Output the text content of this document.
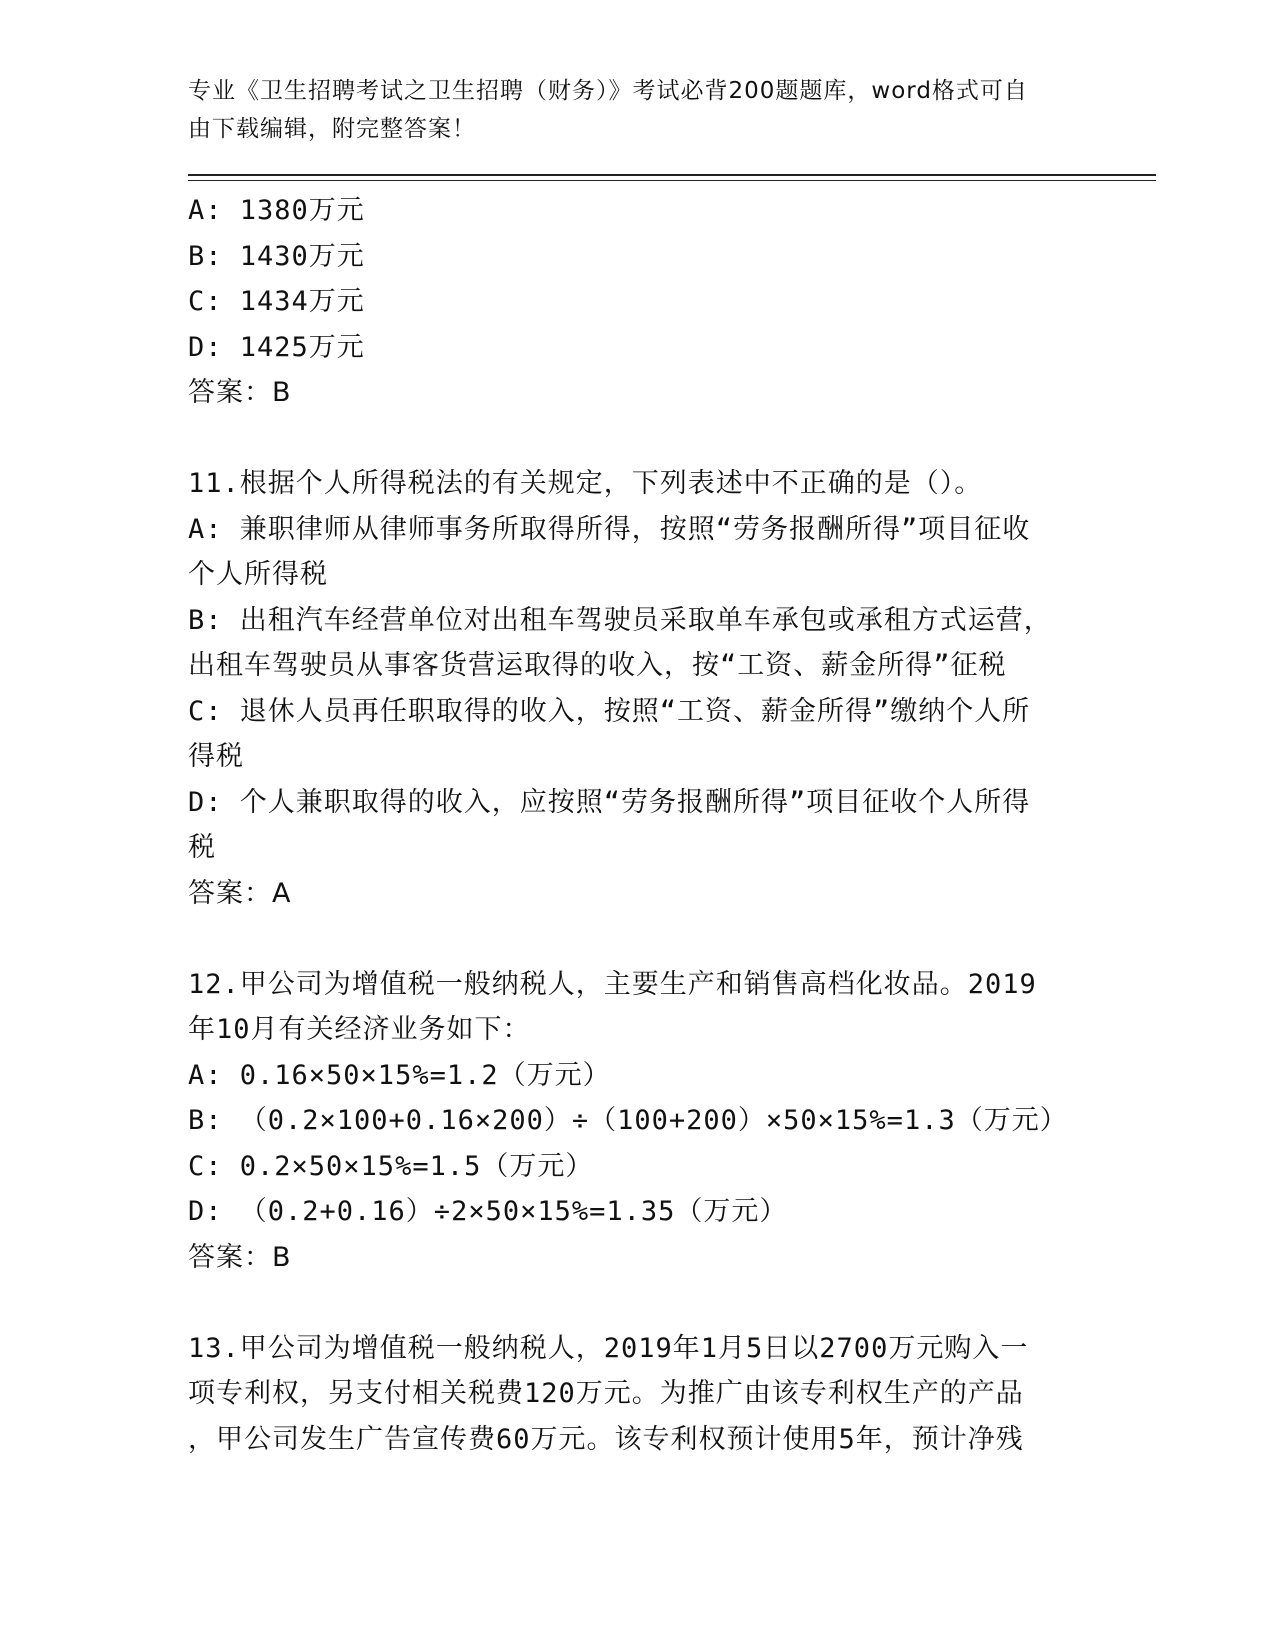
专业《卫生招聘考试之卫生招聘（财务）》考试必背200题题库，word格式可自
由下载编辑，附完整答案！
A: 1380万元
B: 1430万元
C: 1434万元
D: 1425万元
答案：B
11.根据个人所得税法的有关规定，下列表述中不正确的是（）。
A: 兼职律师从律师事务所取得所得，按照“劳务报酬所得”项目征收
个人所得税
B: 出租汽车经营单位对出租车驾驶员采取单车承包或承租方式运营，
出租车驾驶员从事客货营运取得的收入，按“工资、薪金所得”征税
C: 退休人员再任职取得的收入，按照“工资、薪金所得”缴纳个人所
得税
D: 个人兼职取得的收入，应按照“劳务报酬所得”项目征收个人所得
税
答案：A
12.甲公司为增值税一般纳税人，主要生产和销售高档化妆品。2019
年10月有关经济业务如下：
A: 0.16×50×15%=1.2（万元）
B: （0.2×100+0.16×200）÷（100+200）×50×15%=1.3（万元）
C: 0.2×50×15%=1.5（万元）
D: （0.2+0.16）÷2×50×15%=1.35（万元）
答案：B
13.甲公司为增值税一般纳税人，2019年1月5日以2700万元购入一
项专利权，另支付相关税费120万元。为推广由该专利权生产的产品
，甲公司发生广告宣传费60万元。该专利权预计使用5年，预计净残
